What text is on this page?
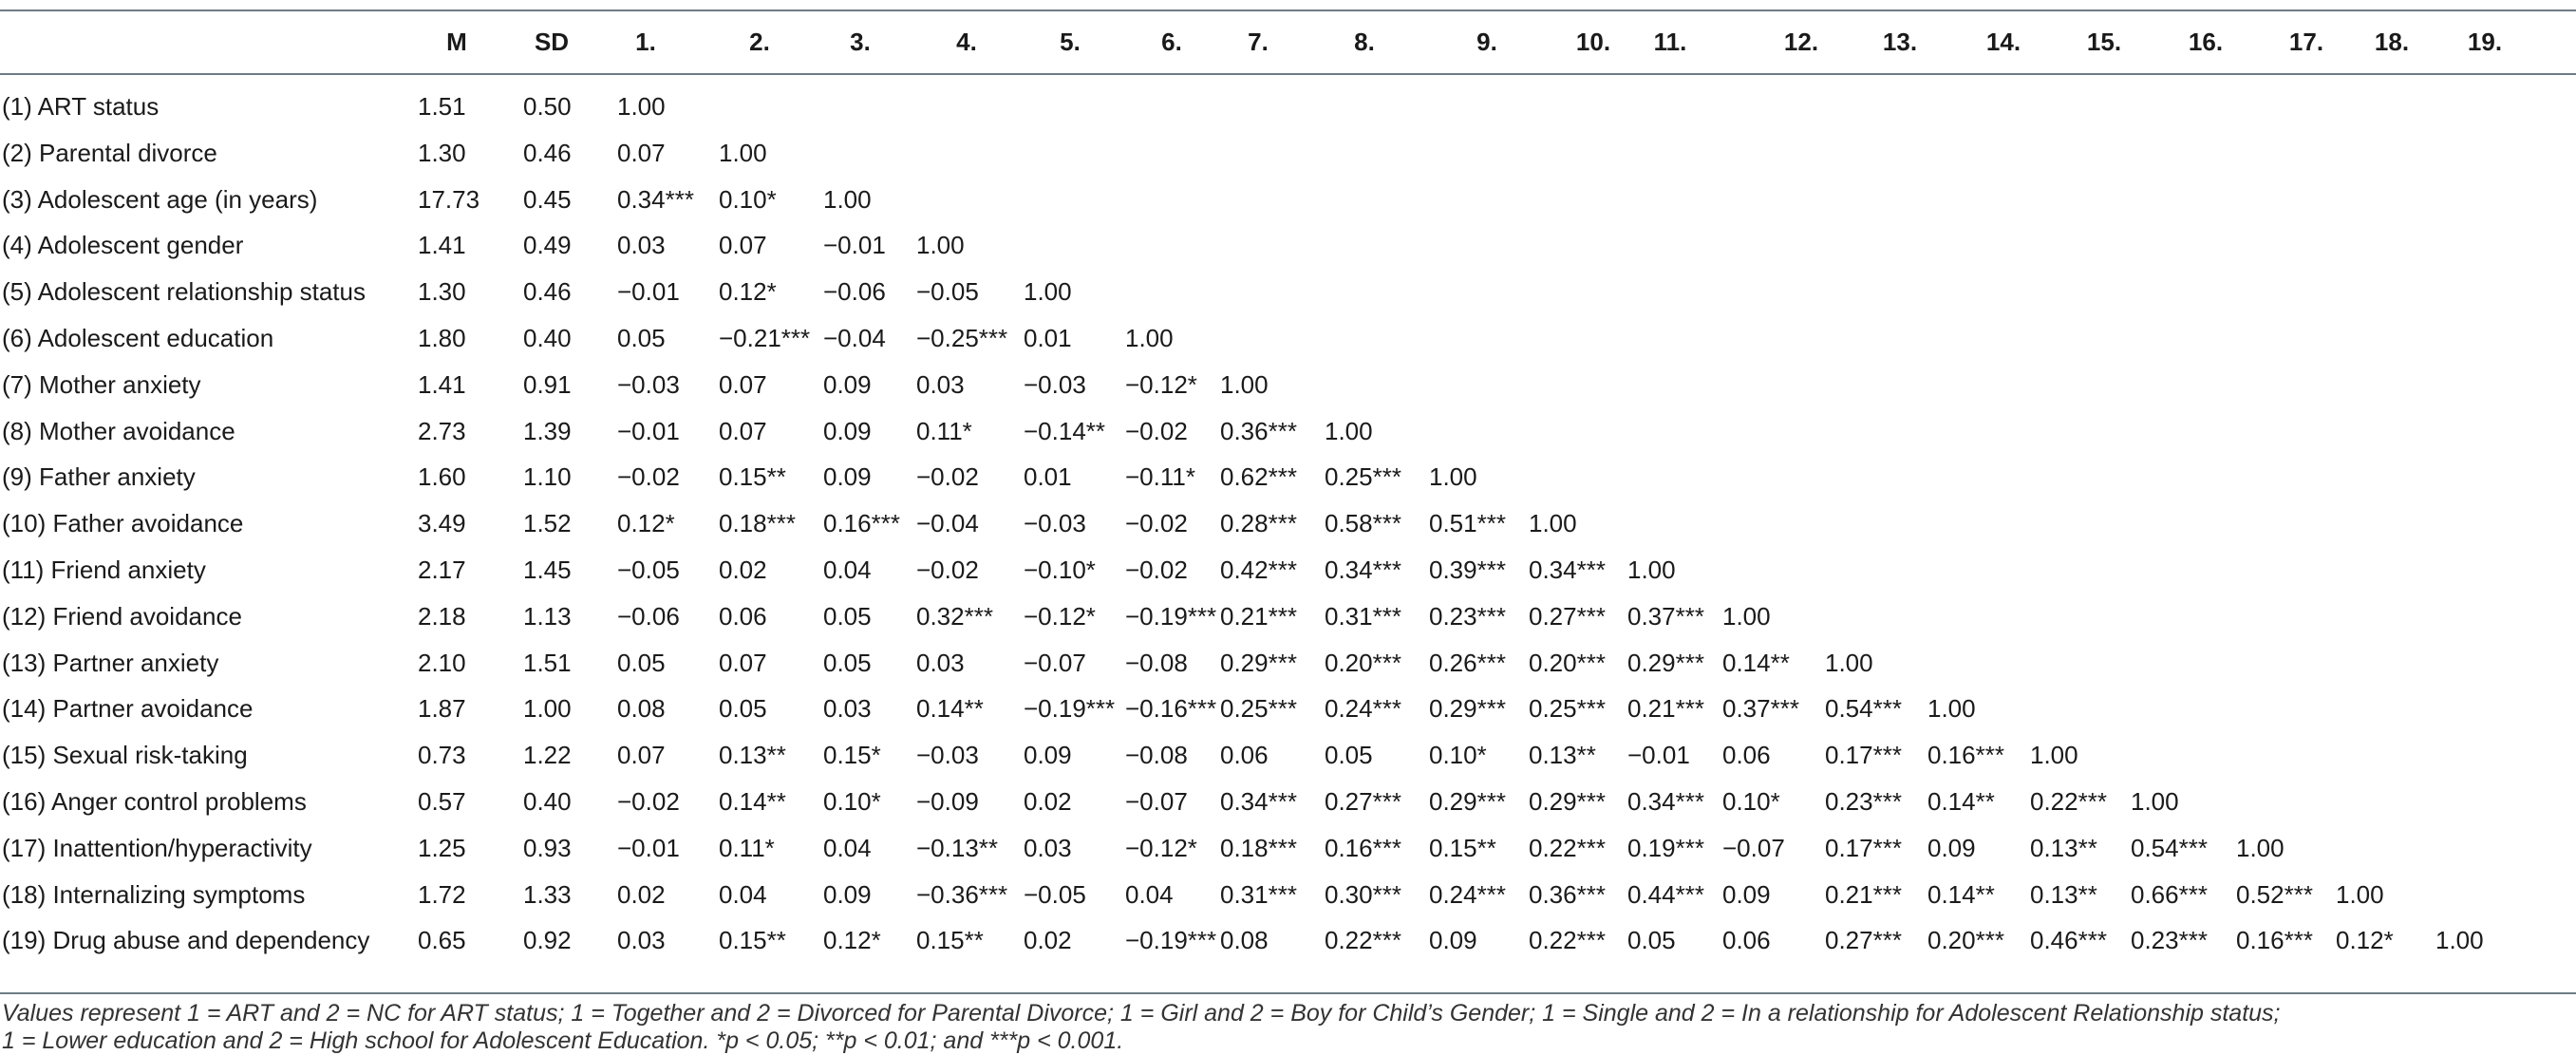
M	SD	1.	2.	3.	4.	5.	6.	7.	8.	9.	10. 11.	12.	13.	14.	15.	16.	17. 18. 19.
(1) ART status	1.51 0.50 1.00
(2) Parental divorce	1.30 0.46 0.07 1.00
(3) Adolescent age (in years)	17.73 0.45 0.34*** 0.10* 1.00
(4) Adolescent gender	1.41 0.49 0.03 0.07 −0.01 1.00
(5) Adolescent relationship status 1.30 0.46 −0.01 0.12* −0.06 −0.05 1.00
(6) Adolescent education	1.80 0.40 0.05 −0.21*** −0.04 −0.25*** 0.01 1.00
(7) Mother anxiety	1.41 0.91 −0.03 0.07 0.09 0.03 −0.03 −0.12* 1.00
(8) Mother avoidance	2.73 1.39 −0.01 0.07 0.09 0.11* −0.14** −0.02 0.36*** 1.00
(9) Father anxiety	1.60 1.10 −0.02 0.15** 0.09 −0.02 0.01 −0.11* 0.62*** 0.25*** 1.00
(10) Father avoidance	3.49 1.52 0.12* 0.18*** 0.16*** −0.04 −0.03 −0.02 0.28*** 0.58*** 0.51*** 1.00
(11) Friend anxiety	2.17 1.45 −0.05 0.02 0.04 −0.02 −0.10* −0.02 0.42*** 0.34*** 0.39*** 0.34*** 1.00
(12) Friend avoidance	2.18 1.13 −0.06 0.06 0.05 0.32*** −0.12* −0.19*** 0.21*** 0.31*** 0.23*** 0.27*** 0.37*** 1.00
(13) Partner anxiety	2.10 1.51 0.05 0.07 0.05 0.03 −0.07 −0.08 0.29*** 0.20*** 0.26*** 0.20*** 0.29*** 0.14** 1.00
(14) Partner avoidance	1.87 1.00 0.08 0.05 0.03 0.14** −0.19*** −0.16*** 0.25*** 0.24*** 0.29*** 0.25*** 0.21*** 0.37*** 0.54*** 1.00
(15) Sexual risk-taking	0.73 1.22 0.07 0.13** 0.15* −0.03 0.09 −0.08 0.06 0.05 0.10* 0.13** −0.01 0.06 0.17*** 0.16*** 1.00
(16) Anger control problems	0.57 0.40 −0.02 0.14** 0.10* −0.09 0.02 −0.07 0.34*** 0.27*** 0.29*** 0.29*** 0.34*** 0.10* 0.23*** 0.14** 0.22*** 1.00
(17) Inattention/hyperactivity	1.25 0.93 −0.01 0.11* 0.04 −0.13** 0.03 −0.12* 0.18*** 0.16*** 0.15** 0.22*** 0.19*** −0.07 0.17*** 0.09 0.13** 0.54*** 1.00
(18) Internalizing symptoms	1.72 1.33 0.02 0.04 0.09 −0.36*** −0.05 0.04 0.31*** 0.30*** 0.24*** 0.36*** 0.44*** 0.09 0.21*** 0.14** 0.13** 0.66*** 0.52*** 1.00
(19) Drug abuse and dependency 0.65 0.92 0.03 0.15** 0.12* 0.15** 0.02 −0.19*** 0.08 0.22*** 0.09 0.22*** 0.05 0.06 0.27*** 0.20*** 0.46*** 0.23*** 0.16*** 0.12* 1.00
Values represent 1 = ART and 2 = NC for ART status; 1 = Together and 2 = Divorced for Parental Divorce; 1 = Girl and 2 = Boy for Child’s Gender; 1 = Single and 2 = In a relationship for Adolescent Relationship status;
1 = Lower education and 2 = High school for Adolescent Education. *p < 0.05; **p < 0.01; and ***p < 0.001.
